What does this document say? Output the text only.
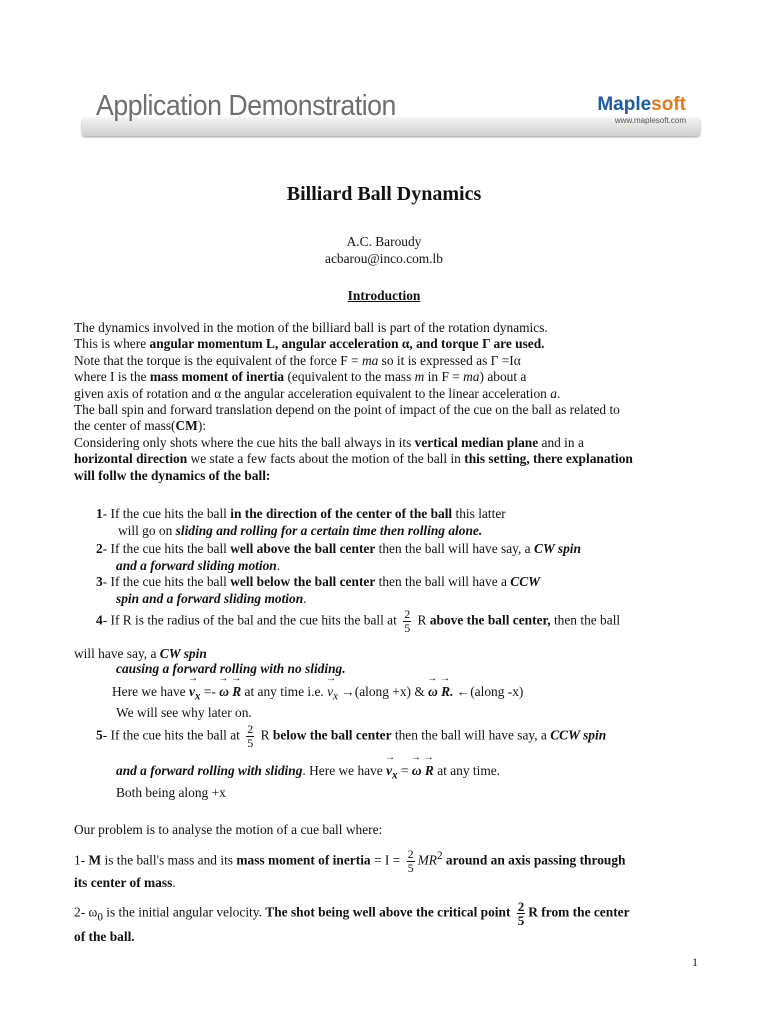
Application Demonstration	Maplesoft
www.maplesoft.com
Billiard Ball Dynamics
A.C. Baroudy
acbarou@inco.com.lb
Introduction
The dynamics involved in the motion of the billiard ball is part of the rotation dynamics.
This is where angular momentum L, angular acceleration α, and torque Γ are used.
Note that the torque is the equivalent of the force F = ma so it is expressed as Γ =Iα
where I is the mass moment of inertia (equivalent to the mass m in F = ma) about a
given axis of rotation and α the angular acceleration equivalent to the linear acceleration a.
The ball spin and forward translation depend on the point of impact of the cue on the ball as related to
the center of mass(CM):
Considering only shots where the cue hits the ball always in its vertical median plane and in a
horizontal direction we state a few facts about the motion of the ball in this setting, there explanation
will follw the dynamics of the ball:
1- If the cue hits the ball in the direction of the center of the ball this latter
will go on sliding and rolling for a certain time then rolling alone.
2- If the cue hits the ball well above the ball center then the ball will have say, a CW spin
and a forward sliding motion.
3- If the cue hits the ball well below the ball center then the ball will have a CCW
spin and a forward sliding motion.
4- If R is the radius of the bal and the cue hits the ball at $\frac{2}{5}$ R above the ball center, then the ball
will have say, a CW spin
causing a forward rolling with no sliding.
Here we have → $v_x$ =- → ω → R at any time i.e. → $v_x$ →(along +x) & → ω → R. ←(along -x)
We will see why later on.
5- If the cue hits the ball at $\frac{2}{5}$ R below the ball center then the ball will have say, a CCW spin
and a forward rolling with sliding. Here we have → $v_x$ = → ω → R at any time.
Both being along +x
Our problem is to analyse the motion of a cue ball where:
1- M is the ball's mass and its mass moment of inertia = $I = \frac{2}{5} MR^2$ around an axis passing through
its center of mass.
2- $\omega_0$ is the initial angular velocity. The shot being well above the critical point $\frac{2}{5}$ R from the center
of the ball.
1
